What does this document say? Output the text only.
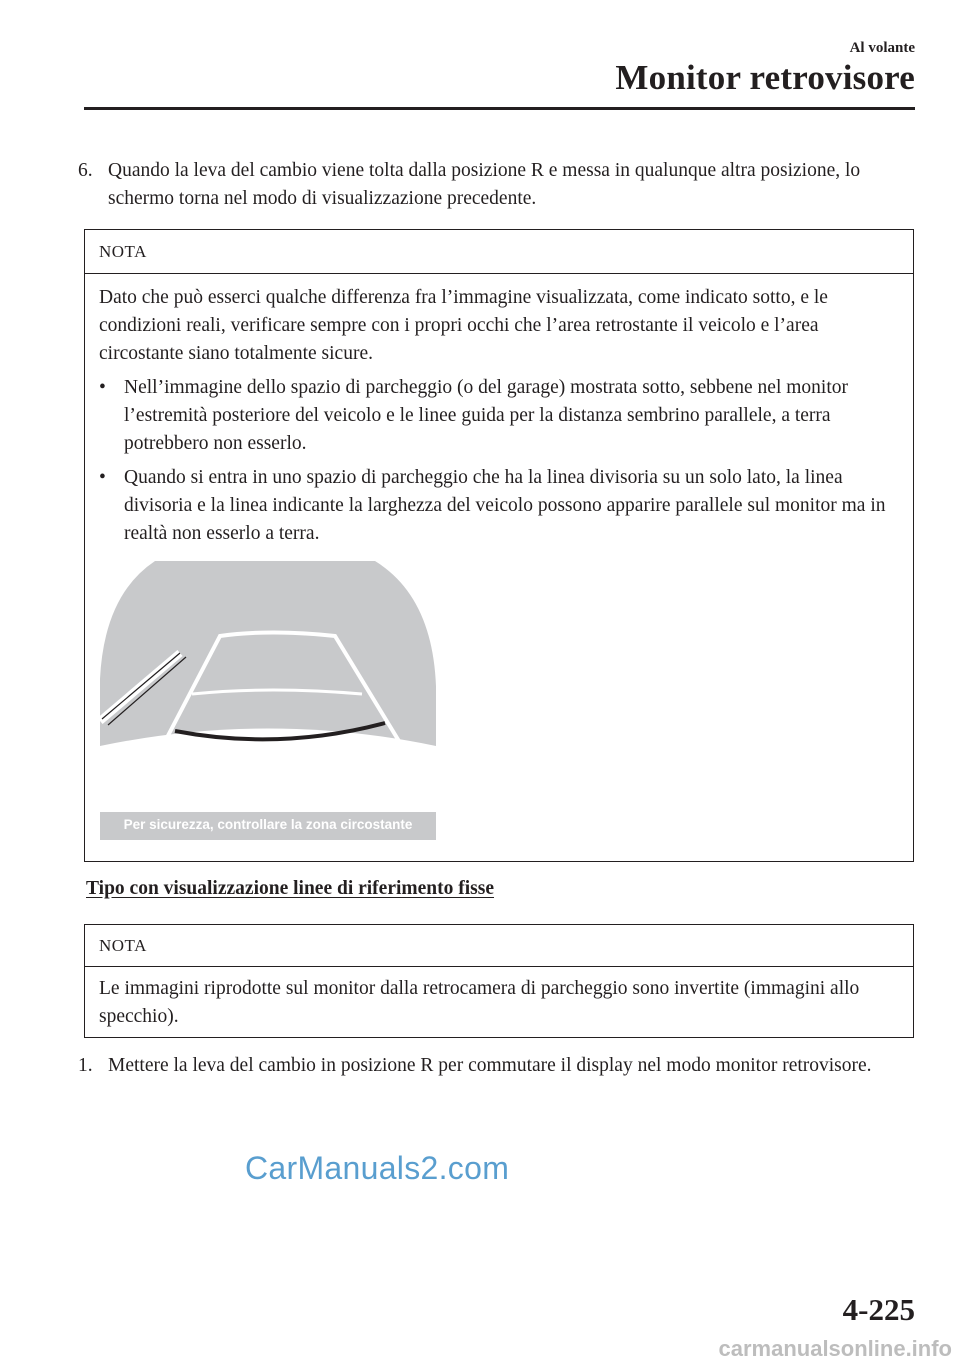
Al volante
Monitor retrovisore
6. Quando la leva del cambio viene tolta dalla posizione R e messa in qualunque altra posizione, lo schermo torna nel modo di visualizzazione precedente.
NOTA

Dato che può esserci qualche differenza fra l’immagine visualizzata, come indicato sotto, e le condizioni reali, verificare sempre con i propri occhi che l’area retrostante il veicolo e l’area circostante siano totalmente sicure.

• Nell’immagine dello spazio di parcheggio (o del garage) mostrata sotto, sebbene nel monitor l’estremità posteriore del veicolo e le linee guida per la distanza sembrino parallele, a terra potrebbero non esserlo.
• Quando si entra in uno spazio di parcheggio che ha la linea divisoria su un solo lato, la linea divisoria e la linea indicante la larghezza del veicolo possono apparire parallele sul monitor ma in realtà non esserlo a terra.
Per sicurezza, controllare la zona circostante
Tipo con visualizzazione linee di riferimento fisse
NOTA

Le immagini riprodotte sul monitor dalla retrocamera di parcheggio sono invertite (immagini allo specchio).

1. Mettere la leva del cambio in posizione R per commutare il display nel modo monitor retrovisore.
CarManuals2.com
4-225
carmanualsonline.info
